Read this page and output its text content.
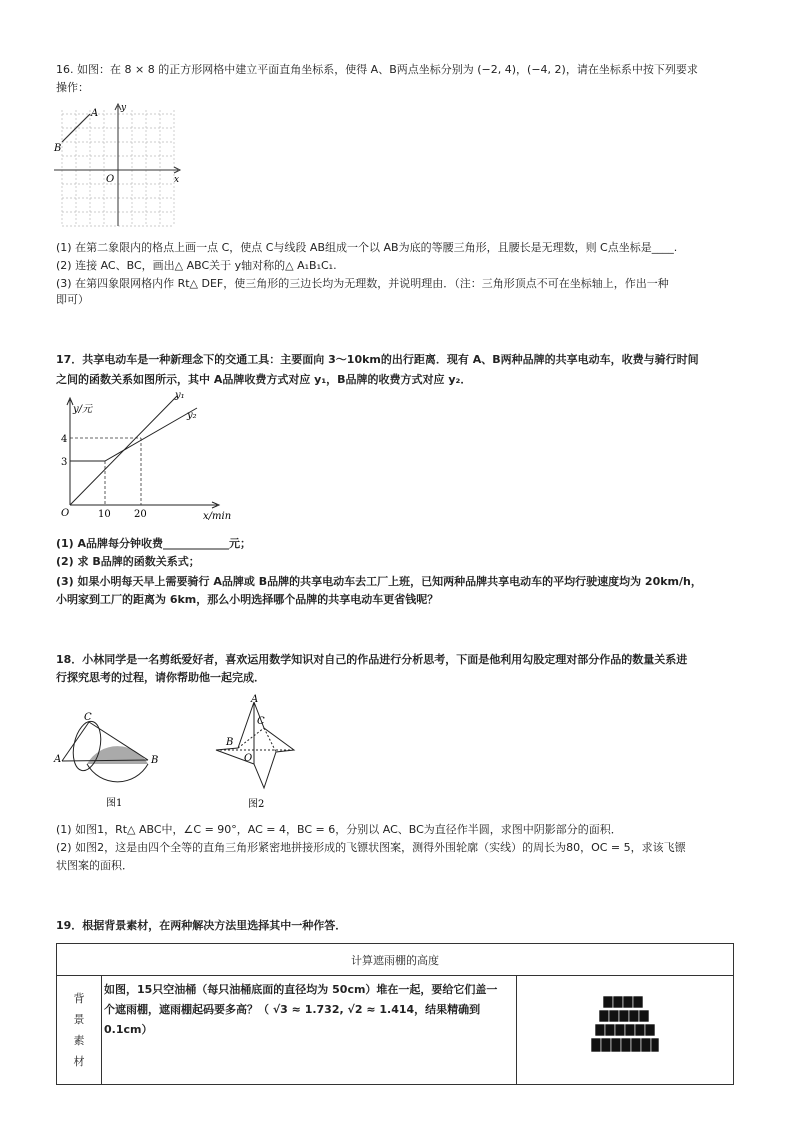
16. 如图：在 8 × 8 的正方形网格中建立平面直角坐标系，使得 A、B两点坐标分别为 (−2, 4)，(−4, 2)，请在坐标系中按下列要求
操作：
A
B
O	x
y
(1) 在第二象限内的格点上画一点 C，使点 C与线段 AB组成一个以 AB为底的等腰三角形，且腰长是无理数，则 C点坐标是____.
(2) 连接 AC、BC，画出△ ABC关于 y轴对称的△ A₁B₁C₁.
(3) 在第四象限网格内作 Rt△ DEF，使三角形的三边长均为无理数，并说明理由．（注：三角形顶点不可在坐标轴上，作出一种
即可）
17．共享电动车是一种新理念下的交通工具：主要面向 3～10km的出行距离．现有 A、B两种品牌的共享电动车，收费与骑行时间
之间的函数关系如图所示，其中 A品牌收费方式对应 y₁，B品牌的收费方式对应 y₂．
y/元
x/min
O
y₁
y₂
4
3
10 20
(1) A品牌每分钟收费____________元；
(2) 求 B品牌的函数关系式；
(3) 如果小明每天早上需要骑行 A品牌或 B品牌的共享电动车去工厂上班，已知两种品牌共享电动车的平均行驶速度均为 20km/h，
小明家到工厂的距离为 6km，那么小明选择哪个品牌的共享电动车更省钱呢？
18．小林同学是一名剪纸爱好者，喜欢运用数学知识对自己的作品进行分析思考，下面是他利用勾股定理对部分作品的数量关系进
行探究思考的过程，请你帮助他一起完成．
C
A	B
图1
A
B
C
O
图2
(1) 如图1，Rt△ ABC中，∠C = 90°，AC = 4，BC = 6，分别以 AC、BC为直径作半圆，求图中阴影部分的面积．
(2) 如图2，这是由四个全等的直角三角形紧密地拼接形成的飞镖状图案，测得外围轮廓（实线）的周长为80，OC = 5，求该飞镖
状图案的面积．
19．根据背景素材，在两种解决方法里选择其中一种作答．
计算遮雨棚的高度

背
景
素
材
	如图，15只空油桶（每只油桶底面的直径均为 50cm）堆在一起，要给它们盖一个遮雨棚，遮雨棚起码要多高？（ √3 ≈ 1.732, √2 ≈ 1.414，结果精确到 0.1cm）	
